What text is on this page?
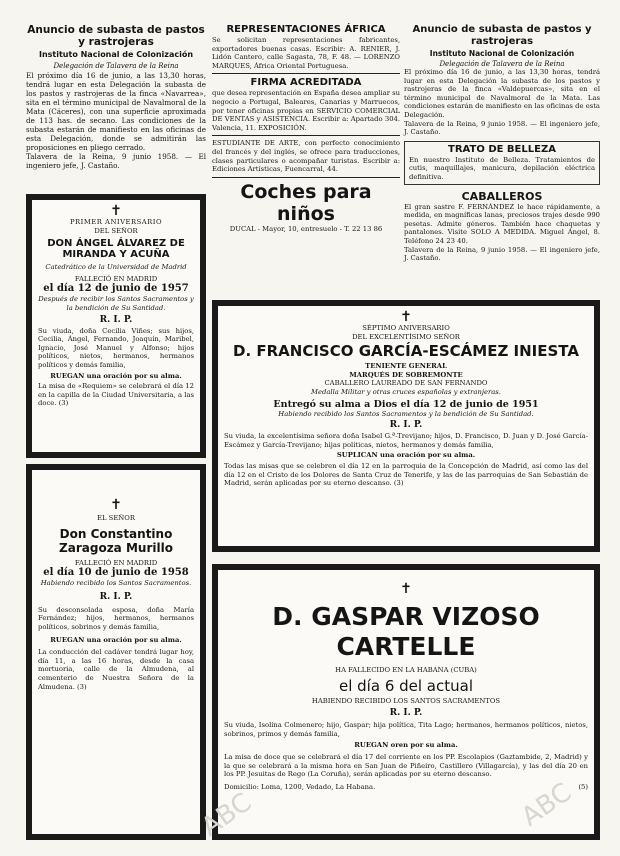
Anuncio de subasta de pastos y rastrojeras
Instituto Nacional de Colonización
Delegación de Talavera de la Reina

El próximo día 16 de junio, a las 13,30 horas, tendrá lugar en esta Delegación la subasta de los pastos y rastrojeras de la finca «Navarrea», sita en el término municipal de Navalmoral de la Mata (Cáceres), con una superficie aproximada de 113 has. de secano. Las condiciones de la subasta estarán de manifiesto en las oficinas de esta Delegación, donde se admitirán las proposiciones en pliego cerrado.

Talavera de la Reina, 9 junio 1958. — El ingeniero jefe, J. Castaño.

✝
PRIMER ANIVERSARIO
DEL SEÑOR
DON ÁNGEL ÁLVAREZ DE MIRANDA Y ACUÑA
Catedrático de la Universidad de Madrid
FALLECIÓ EN MADRID
el día 12 de junio de 1957
Después de recibir los Santos Sacramentos y la bendición de Su Santidad.
R. I. P.

Su viuda, doña Cecilia Viñes; sus hijos, Cecilia, Ángel, Fernando, Joaquín, Maribel, Ignacio, José Manuel y Alfonso; hijos políticos, nietos, hermanos, hermanos políticos y demás familia,

RUEGAN una oración por su alma.

La misa de «Requiem» se celebrará el día 12 en la capilla de la Ciudad Universitaria, a las doce. (3)

✝
EL SEÑOR
Don Constantino Zaragoza Murillo
FALLECIÓ EN MADRID
el día 10 de junio de 1958
Habiendo recibido los Santos Sacramentos.
R. I. P.

Su desconsolada esposa, doña María Fernández; hijos, hermanos, hermanos políticos, sobrinos y demás familia,

RUEGAN una oración por su alma.

La conducción del cadáver tendrá lugar hoy, día 11, a las 16 horas, desde la casa mortuoria, calle de la Almudena, al cementerio de Nuestra Señora de la Almudena. (3)

REPRESENTACIONES ÁFRICA

Se solicitan representaciones fabricantes, exportadores buenas casas. Escribir: A. RENIER, J. Lidón Cantero, calle Sagasta, 78, F. 48. — LORENZO MARQUES, África Oriental Portuguesa.

FIRMA ACREDITADA

que desea representación en España desea ampliar su negocio a Portugal, Baleares, Canarias y Marruecos, por tener oficinas propias en SERVICIO COMERCIAL DE VENTAS y ASISTENCIA. Escribir a: Apartado 304. Valencia, 11. EXPOSICIÓN.

ESTUDIANTE DE ARTE, con perfecto conocimiento del francés y del inglés, se ofrece para traducciones, clases particulares o acompañar turistas. Escribir a: Ediciones Artísticas, Fuencarral, 44.

Coches para niños
DUCAL - Mayor, 10, entresuelo - T. 22 13 86
Anuncio de subasta de pastos y rastrojeras
Instituto Nacional de Colonización
Delegación de Talavera de la Reina

El próximo día 16 de junio, a las 13,30 horas, tendrá lugar en esta Delegación la subasta de los pastos y rastrojeras de la finca «Valdepuercas», sita en el término municipal de Navalmoral de la Mata. Las condiciones estarán de manifiesto en las oficinas de esta Delegación.

Talavera de la Reina, 9 junio 1958. — El ingeniero jefe, J. Castaño.

TRATO DE BELLEZA

En nuestro Instituto de Belleza. Tratamientos de cutis, maquillajes, manicura, depilación eléctrica definitiva.

CABALLEROS

El gran sastre F. FERNÁNDEZ le hace rápidamente, a medida, en magníficas lanas, preciosos trajes desde 990 pesetas. Admite géneros. También hace chaquetas y pantalones. Visite SOLO A MEDIDA. Miguel Ángel, 8. Teléfono 24 23 40.

Talavera de la Reina, 9 junio 1958. — El ingeniero jefe, J. Castaño.

✝
SÉPTIMO ANIVERSARIO
DEL EXCELENTÍSIMO SEÑOR
D. FRANCISCO GARCÍA-ESCÁMEZ INIESTA
TENIENTE GENERAL
MARQUÉS DE SOBREMONTE
CABALLERO LAUREADO DE SAN FERNANDO
Medalla Militar y otras cruces españolas y extranjeras.
Entregó su alma a Dios el día 12 de junio de 1951
Habiendo recibido los Santos Sacramentos y la bendición de Su Santidad.
R. I. P.

Su viuda, la excelentísima señora doña Isabel G.ª-Trevijano; hijos, D. Francisco, D. Juan y D. José García-Escámez y García-Trevijano; hijas políticas, nietos, hermanos y demás familia,

SUPLICAN una oración por su alma.

Todas las misas que se celebren el día 12 en la parroquia de la Concepción de Madrid, así como las del día 12 en el Cristo de los Dolores de Santa Cruz de Tenerife, y las de las parroquias de San Sebastián de Madrid, serán aplicadas por su eterno descanso. (3)

✝
D. GASPAR VIZOSO CARTELLE
HA FALLECIDO EN LA HABANA (CUBA)
el día 6 del actual
HABIENDO RECIBIDO LOS SANTOS SACRAMENTOS
R. I. P.

Su viuda, Isolina Colmenero; hijo, Gaspar; hija política, Tita Lago; hermanos, hermanos políticos, nietos, sobrinos, primos y demás familia,

RUEGAN oren por su alma.

La misa de doce que se celebrará el día 17 del corriente en los PP. Escolapios (Gaztambide, 2, Madrid) y la que se celebrará a la misma hora en San Juan de Piñeiro, Castillero (Villagarcía), y las del día 20 en los PP. Jesuitas de Rego (La Coruña), serán aplicadas por su eterno descanso.

Domicilio: Loma, 1200, Vedado, La Habana.	(5)
ABC	ABC
